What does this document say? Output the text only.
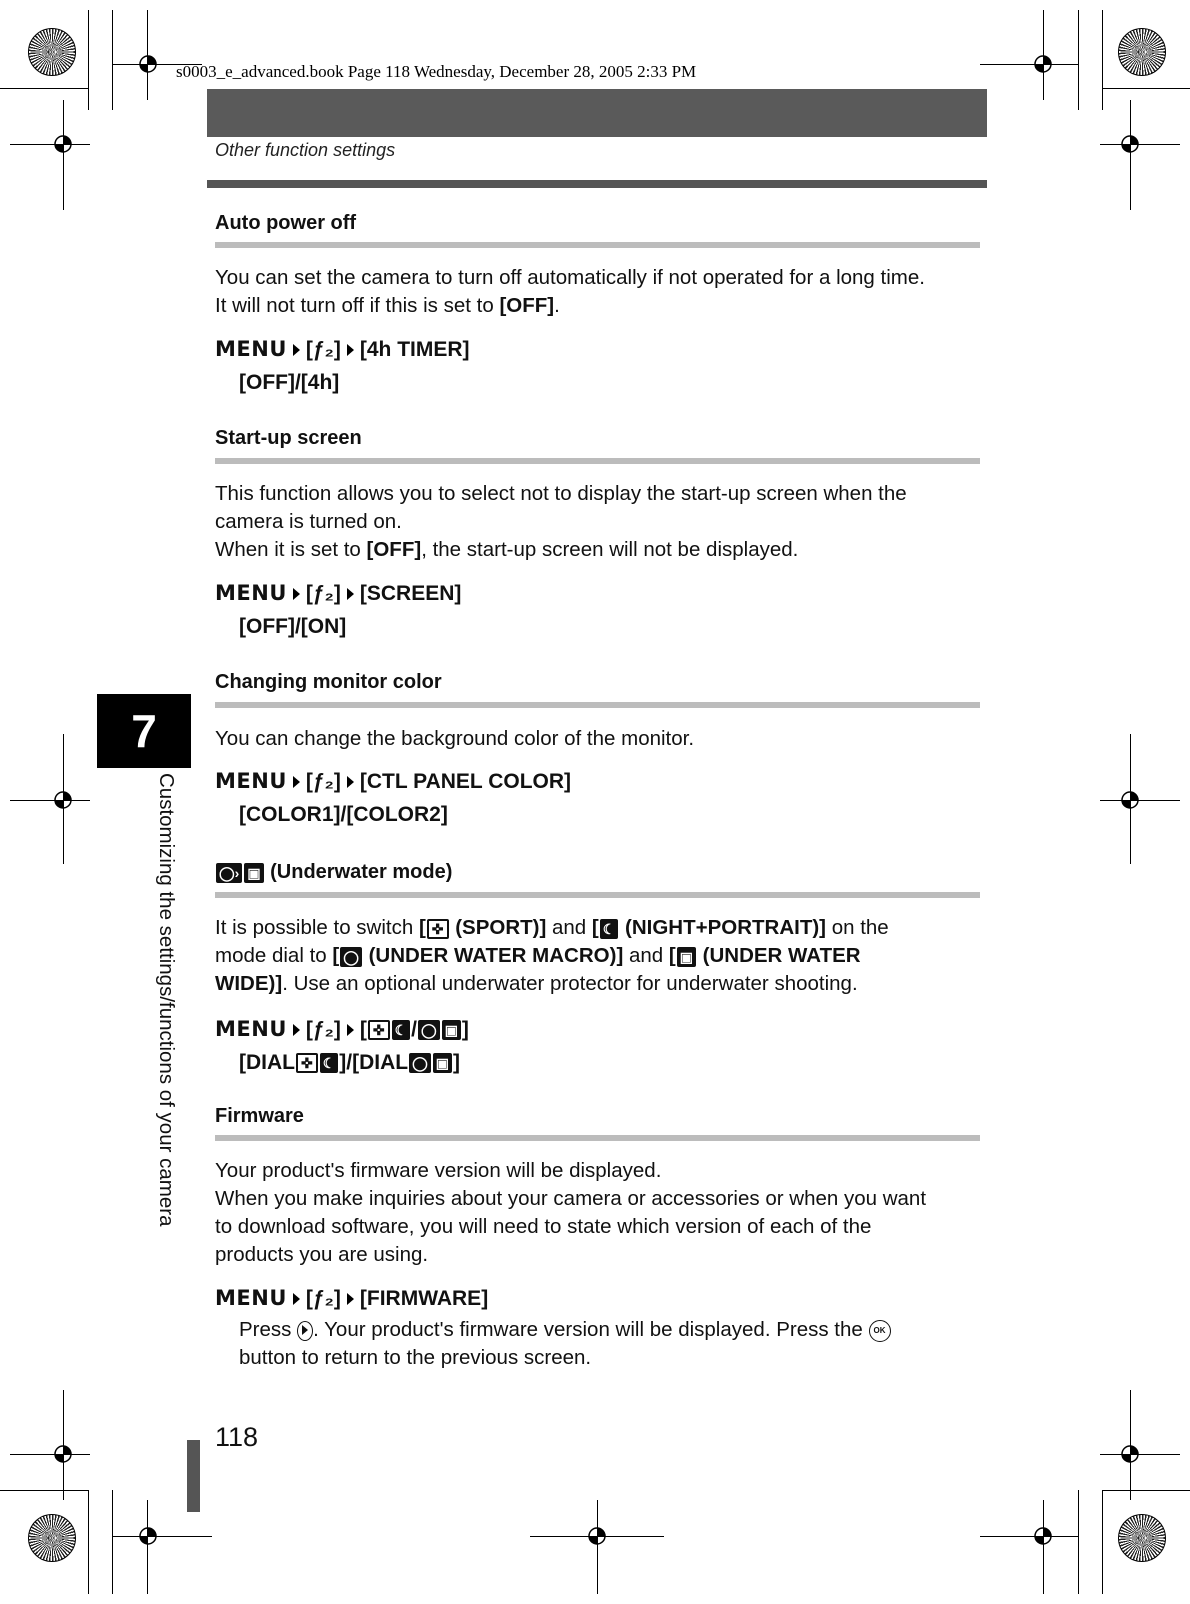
s0003_e_advanced.book Page 118 Wednesday, December 28, 2005 2:33 PM
Other function settings
Auto power off
You can set the camera to turn off automatically if not operated for a long time.
It will not turn off if this is set to [OFF].
MENU [ƒ₂] [4h TIMER]
[OFF]/[4h]
Start-up screen
This function allows you to select not to display the start-up screen when the
camera is turned on.
When it is set to [OFF], the start-up screen will not be displayed.
MENU [ƒ₂] [SCREEN]
[OFF]/[ON]
Changing monitor color
You can change the background color of the monitor.
MENU [ƒ₂] [CTL PANEL COLOR]
[COLOR1]/[COLOR2]
◯› ▣ (Underwater mode)
It is possible to switch [ ✜ (SPORT)] and [ ☾ (NIGHT+PORTRAIT)] on the
mode dial to [ ◯ (UNDER WATER MACRO)] and [ ▣ (UNDER WATER
WIDE)]. Use an optional underwater protector for underwater shooting.
MENU [ƒ₂] [ ✜ ☾ / ◯ ▣ ]
[DIAL ✜ ☾ ]/[DIAL ◯ ▣ ]
Firmware
Your product's firmware version will be displayed.
When you make inquiries about your camera or accessories or when you want
to download software, you will need to state which version of each of the
products you are using.
MENU [ƒ₂] [FIRMWARE]
Press
. Your product's firmware version will be displayed. Press the OK
button to return to the previous screen.
7
Customizing the settings/functions of your camera
118
